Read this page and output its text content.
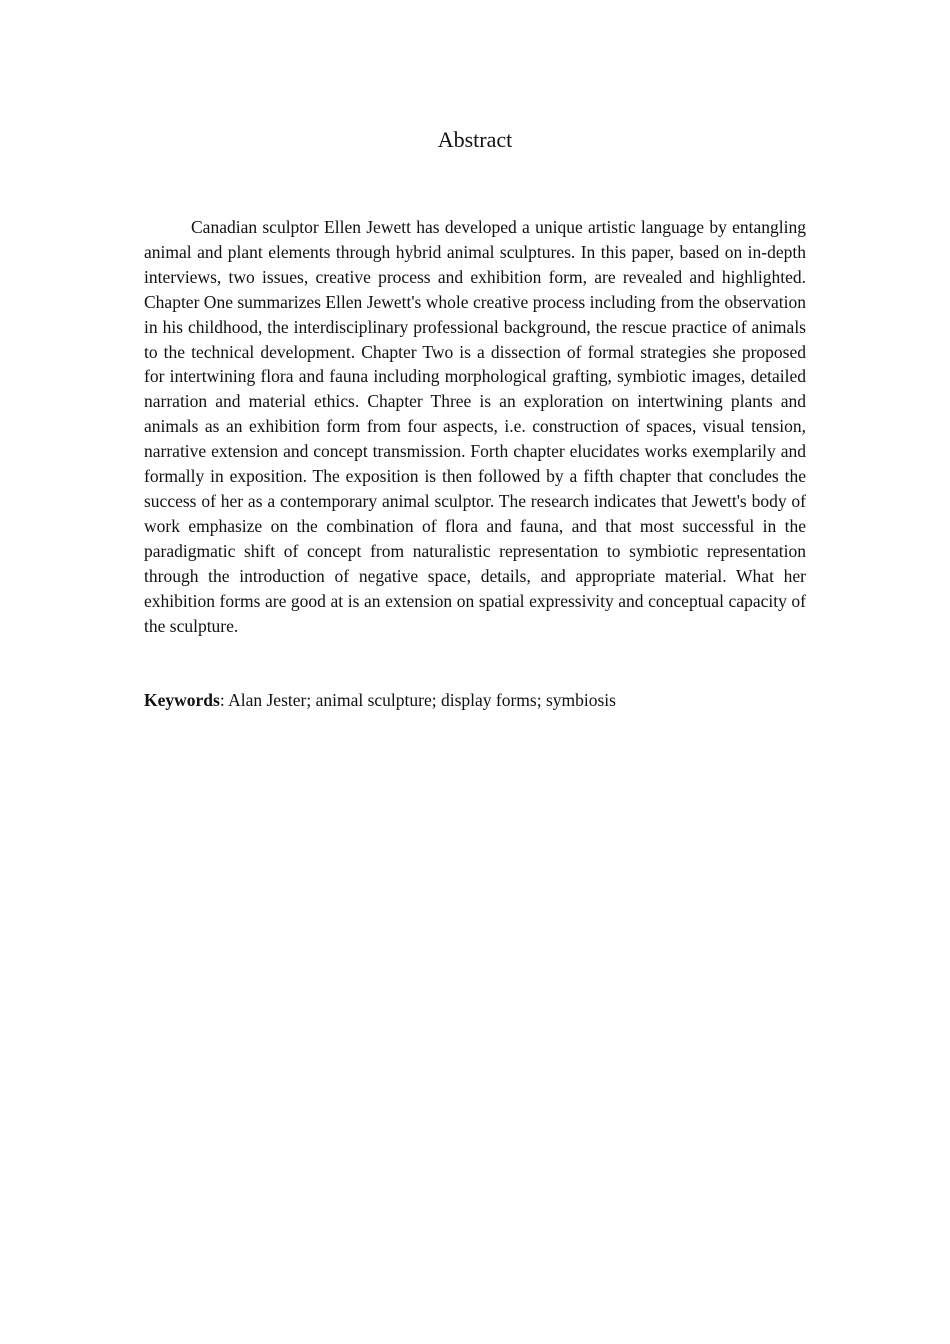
Abstract

Canadian sculptor Ellen Jewett has developed a unique artistic language by entangling animal and plant elements through hybrid animal sculptures. In this paper, based on in-depth interviews, two issues, creative process and exhibition form, are revealed and highlighted. Chapter One summarizes Ellen Jewett's whole creative process including from the observation in his childhood, the interdisciplinary professional background, the rescue practice of animals to the technical development. Chapter Two is a dissection of formal strategies she proposed for intertwining flora and fauna including morphological grafting, symbiotic images, detailed narration and material ethics. Chapter Three is an exploration on intertwining plants and animals as an exhibition form from four aspects, i.e. construction of spaces, visual tension, narrative extension and concept transmission. Forth chapter elucidates works exemplarily and formally in exposition. The exposition is then followed by a fifth chapter that concludes the success of her as a contemporary animal sculptor. The research indicates that Jewett's body of work emphasize on the combination of flora and fauna, and that most successful in the paradigmatic shift of concept from naturalistic representation to symbiotic representation through the introduction of negative space, details, and appropriate material. What her exhibition forms are good at is an extension on spatial expressivity and conceptual capacity of the sculpture.

Keywords: Alan Jester; animal sculpture; display forms; symbiosis
